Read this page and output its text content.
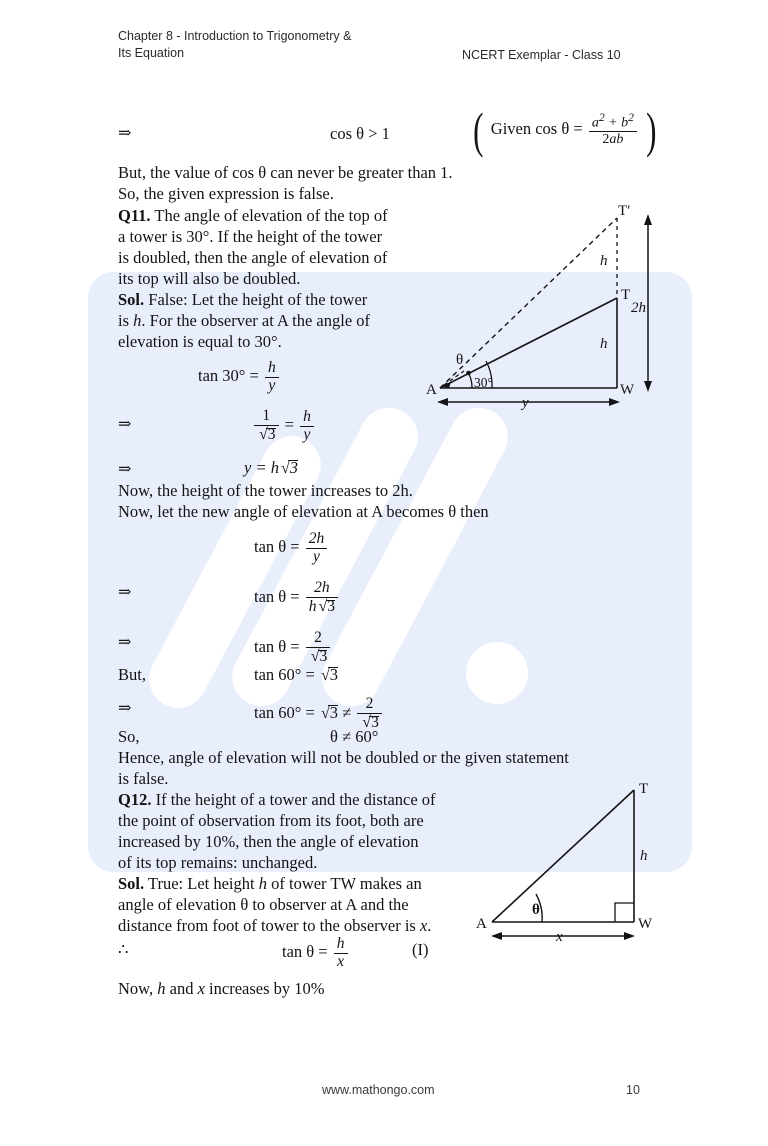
Chapter 8 - Introduction to Trigonometry &
Its Equation	NCERT Exemplar - Class 10
⇒	cos θ > 1 ( Given $\cos \theta = \frac{a^2 + b^2}{2ab}$ )
But, the value of cos θ can never be greater than 1.
So, the given expression is false.
Q11. The angle of elevation of the top of
a tower is 30°. If the height of the tower
is doubled, then the angle of elevation of
its top will also be doubled.
Sol. False: Let the height of the tower
is h. For the observer at A the angle of
elevation is equal to 30°.
$\tan 30^\circ = \frac{h}{y}$
⇒	$\frac{1}{√3} = \frac{h}{y}$
⇒	y = h √3
Now, the height of the tower increases to 2h.
Now, let the new angle of elevation at A becomes θ then
$\tan \theta = \frac{2h}{y}$
⇒	$\tan \theta = \frac{2h}{h √3}$
⇒	$\tan \theta = \frac{2}{√3}$
But,	tan 60° = √3
⇒	$\tan 60^\circ = √3 \ne \frac{2}{√3}$
So,	θ ≠ 60°
Hence, angle of elevation will not be doubled or the given statement
is false.
Q12. If the height of a tower and the distance of
the point of observation from its foot, both are
increased by 10%, then the angle of elevation
of its top remains: unchanged.
Sol. True: Let height h of tower TW makes an
angle of elevation θ to observer at A and the
distance from foot of tower to the observer is x.
∴	$\tan \theta = \frac{h}{x}$	(I)
Now, h and x increases by 10%
T′
T
W
A
h
h
2h
y
θ
30°
T
W
A
h
x
θ
www.mathongo.com	10
